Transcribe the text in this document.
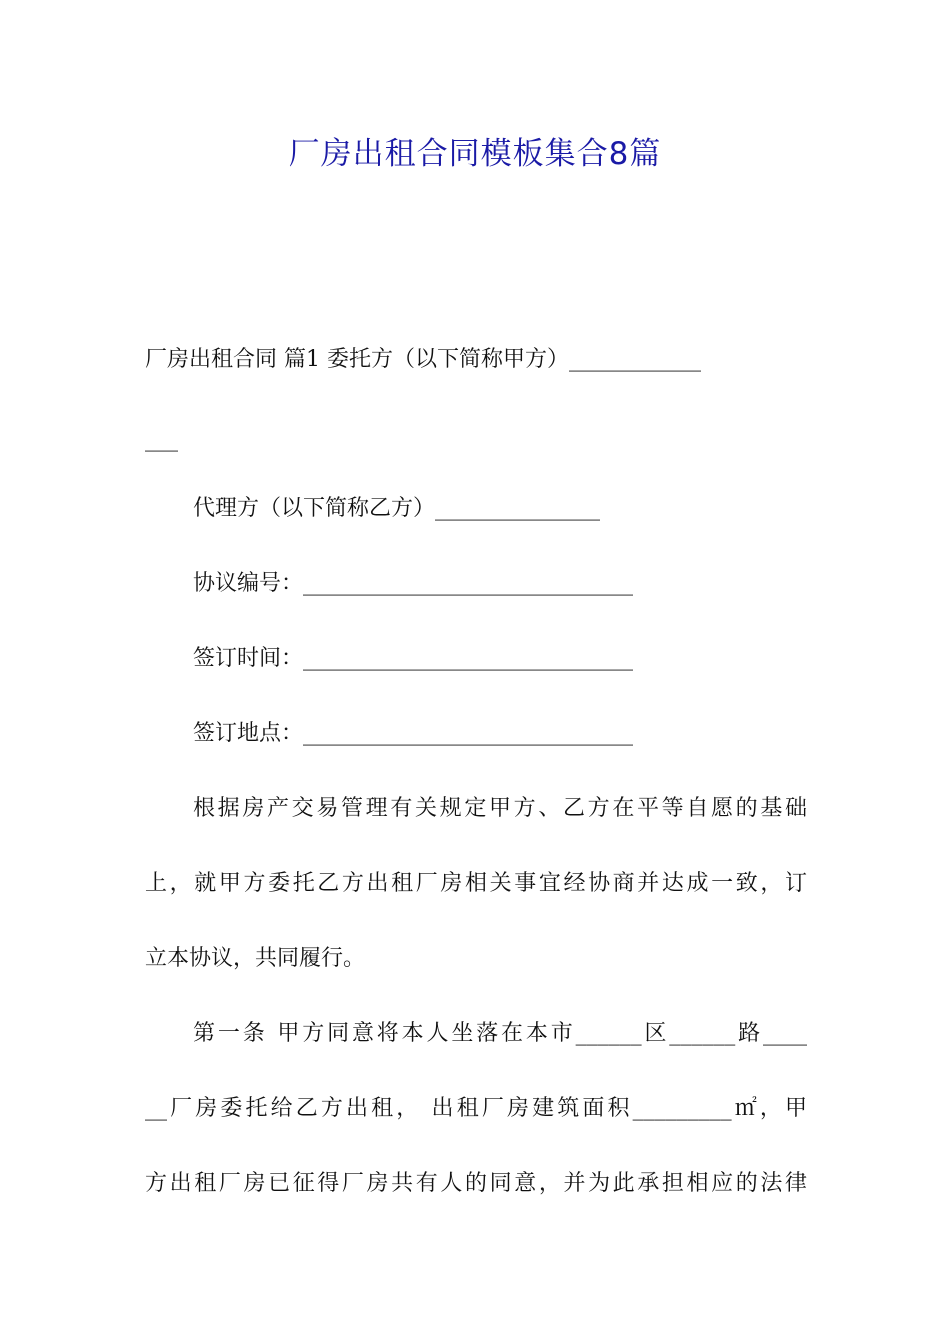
厂房出租合同模板集合8篇
厂房出租合同 篇1 委托方（以下简称甲方）____________
___
代理方（以下简称乙方）_______________
协议编号：______________________________
签订时间：______________________________
签订地点：______________________________
根据房产交易管理有关规定甲方、乙方在平等自愿的基础
上，就甲方委托乙方出租厂房相关事宜经协商并达成一致，订
立本协议，共同履行。
第一条 甲方同意将本人坐落在本市______区______路____
__厂房委托给乙方出租， 出租厂房建筑面积_________㎡，甲
方出租厂房已征得厂房共有人的同意，并为此承担相应的法律
